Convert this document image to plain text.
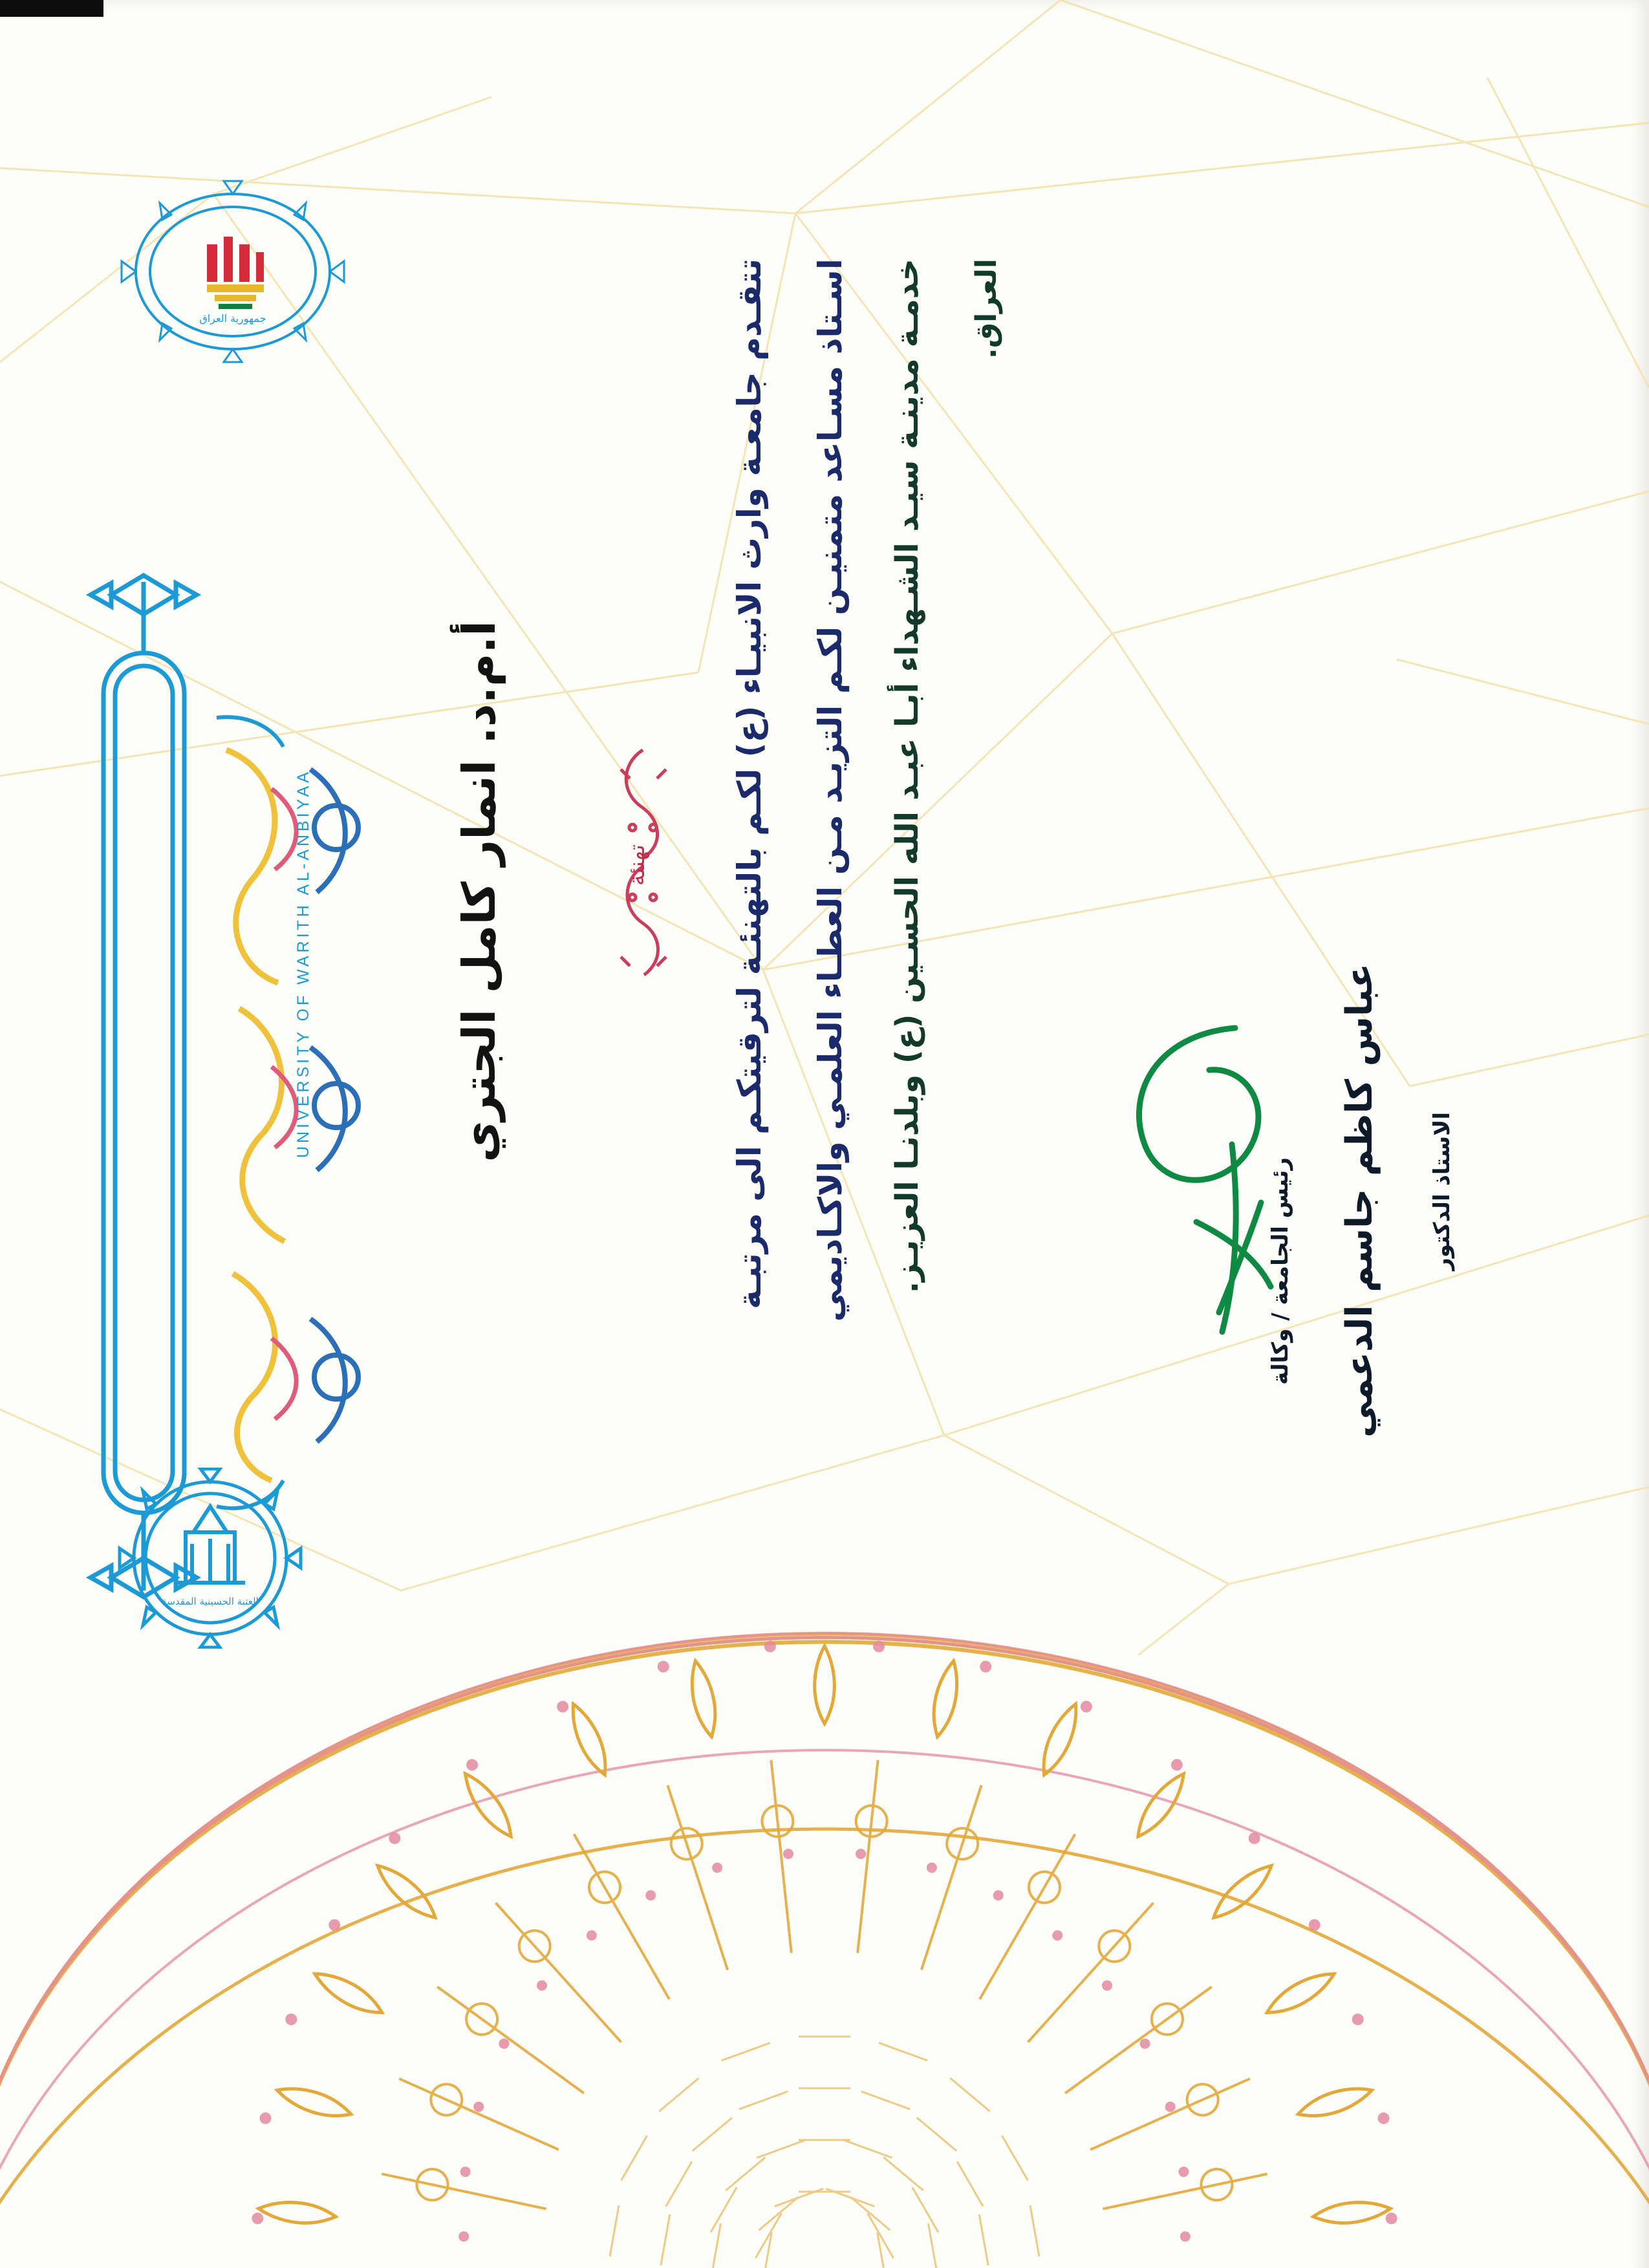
جمهورية العراق
UNIVERSITY OF WARITH AL-ANBIYAA
العتبة الحسينية المقدسة
العراق.
خدمـة مدينـة سيـد الشـهداء أبـا عبـد الله الحسـين (ع) وبلدنـا العزيـز.
اسـتاذ مسـاعد متمنيـن لكـم التزيـد مـن العطـاء العلمـي والاكـاديمي
تتقـدم جامعـة وارث الانبيـاء (ع) لكـم بالتهنئـة لترقيتكـم الى مرتبـة
أ.م.د. انمار كامل الجتري	تهنئة
عباس كاظم جاسم الدعمي الاستاذ الدكتور
رئيس الجامعة / وكالة
